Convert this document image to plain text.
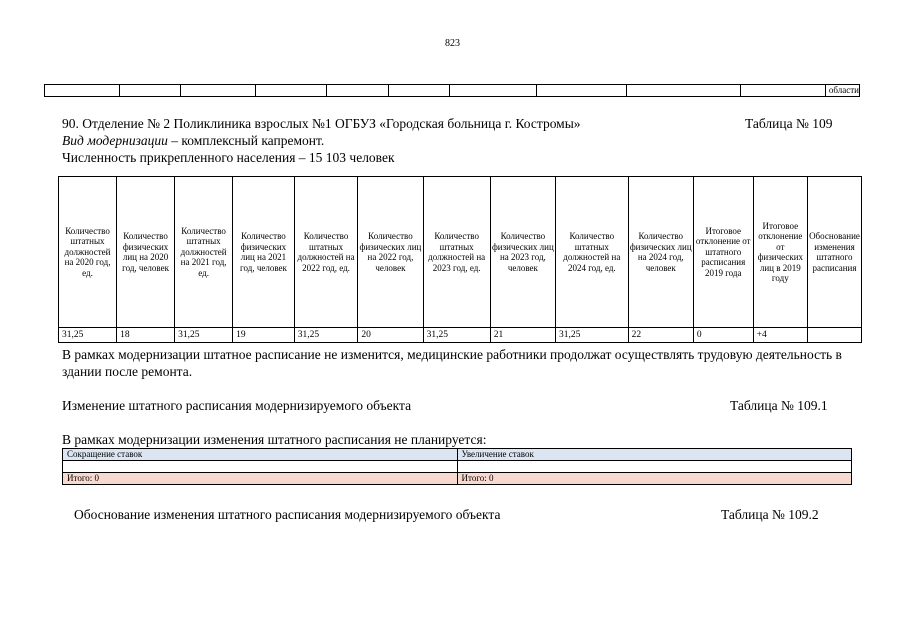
823
										области
90. Отделение № 2 Поликлиника взрослых №1 ОГБУЗ «Городская больница г. Костромы»	Таблица № 109
Вид модернизации – комплексный капремонт.
Численность прикрепленного населения – 15 103 человек
Количество штатных должностей на 2020 год, ед.	Количество физических лиц на 2020 год, человек	Количество штатных должностей на 2021 год, ед.	Количество физических лиц на 2021 год, человек	Количество штатных должностей на 2022 год, ед.	Количество физических лиц на 2022 год, человек	Количество штатных должностей на 2023 год, ед.	Количество физических лиц на 2023 год, человек	Количество штатных должностей на 2024 год, ед.	Количество физических лиц на 2024 год, человек	Итоговое отклонение от штатного расписания 2019 года	Итоговое отклонение от физических лиц в 2019 году	Обоснование изменения штатного расписания
31,25	18	31,25	19	31,25	20	31,25	21	31,25	22	0	+4	
В рамках модернизации штатное расписание не изменится, медицинские работники продолжат осуществлять трудовую деятельность в здании после ремонта.
Изменение штатного расписания модернизируемого объекта	Таблица № 109.1
В рамках модернизации изменения штатного расписания не планируется:
Сокращение ставок	Увеличение ставок

Итого: 0	Итого: 0
Обоснование изменения штатного расписания модернизируемого объекта	Таблица № 109.2
